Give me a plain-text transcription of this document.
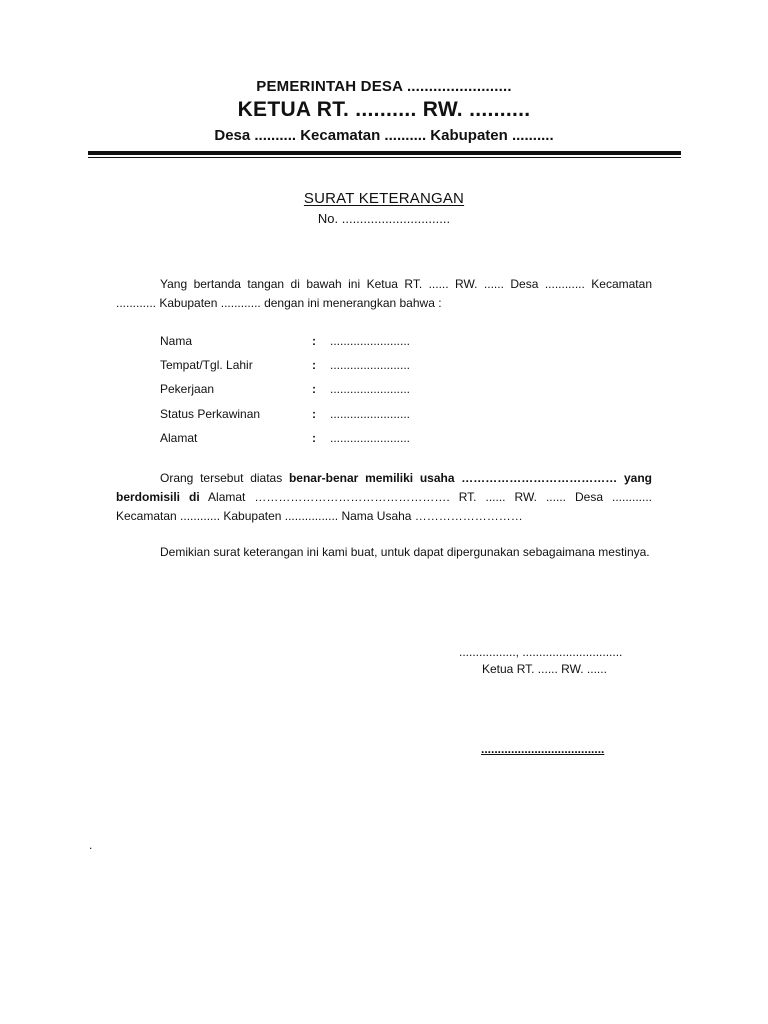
PEMERINTAH DESA ........................
KETUA RT. .......... RW. ..........
Desa .......... Kecamatan .......... Kabupaten ..........
SURAT KETERANGAN
No. ..............................
Yang bertanda tangan di bawah ini Ketua RT. ...... RW. ...... Desa ............ Kecamatan ............ Kabupaten ............ dengan ini menerangkan bahwa :
Nama	:	........................
Tempat/Tgl. Lahir	:	........................
Pekerjaan	:	........................
Status Perkawinan	:	........................
Alamat	:	........................
Orang tersebut diatas benar-benar memiliki usaha ………………………………… yang berdomisili di Alamat …………………………………………. RT. ...... RW. ...... Desa ............ Kecamatan ............ Kabupaten ................ Nama Usaha ………………………
Demikian surat keterangan ini kami buat, untuk dapat dipergunakan sebagaimana mestinya.
................., ..............................
Ketua RT. ...... RW. ......
.....................................
.
